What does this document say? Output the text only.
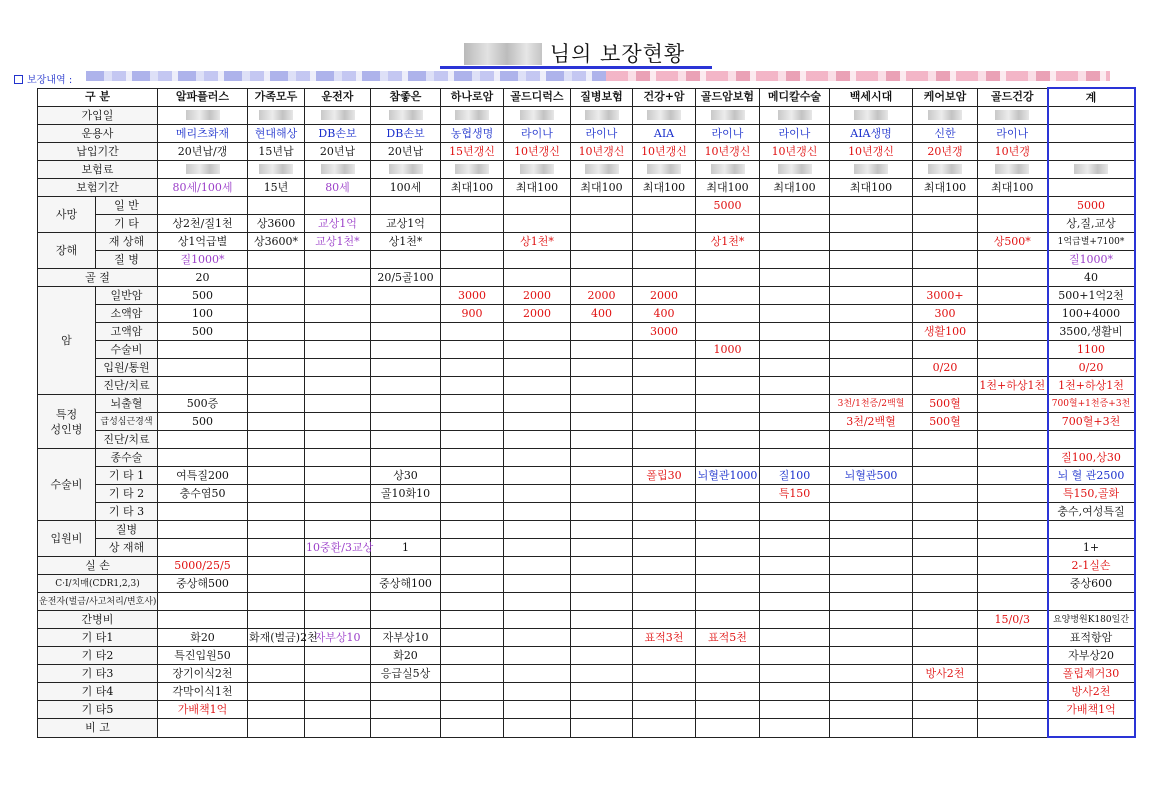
님의 보장현황
보장내역 :
구 분		알파플러스	가족모두	운전자	참좋은	하나로암	골드디럭스	질병보험	건강+암	골드암보험	메디칼수술	백세시대	케어보암	골드건강	계
가입일															
운용사		메리츠화재	현대해상	DB손보	DB손보	농협생명	라이나	라이나	AIA	라이나	라이나	AIA생명	신한	라이나	
납입기간		20년납/갱	15년납	20년납	20년납	15년갱신	10년갱신	10년갱신	10년갱신	10년갱신	10년갱신	10년갱신	20년갱	10년갱	
보험료															
보험기간		80세/100세	15년	80세	100세	최대100	최대100	최대100	최대100	최대100	최대100	최대100	최대100	최대100	
사망	일 반									5000					5000
	기 타	상2천/질1천	상3600	교상1억	교상1억										상,질,교상
장해	재 상해	상1억급별	상3600*	교상1천*	상1천*		상1천*			상1천*				상500*	1억급별+7100*
	질 병	질1000*													질1000*
골 절		20			20/5골100										40
암	일반암	500				3000	2000	2000	2000				3000+		500+1억2천
	소액암	100				900	2000	400	400				300		100+4000
	고액암	500							3000				생활100		3500,생활비
	수술비									1000					1100
	입원/통원												0/20		0/20
	진단/치료													1천+하상1천	1천+하상1천
특정
성인병	뇌출혈	500증										3천/1천증/2백혈	500혈		700혈+1천증+3천
	급성심근경색	500										3천/2백혈	500혈		700혈+3천
	진단/치료														
수술비	종수술														질100,상30
	기 타 1	여특질200			상30				폴립30	뇌혈관1000	질100	뇌혈관500			뇌 혈 관2500
	기 타 2	충수염50			골10화10						특150				특150,골화
	기 타 3														충수,여성특질
입원비	질병														
	상 재해			10중환/3교상	1										1+
실 손		5000/25/5													2-1실손
C·I/치매(CDR1,2,3)		중상해500			중상해100										중상600
운전자(벌금/사고처리/변호사)															
간병비														15/0/3	요양병원K180일간
기 타1		화20	화재(벌금)2천	자부상10	자부상10				표적3천	표적5천					표적항암
기 타2		특진입원50			화20										자부상20
기 타3		장기이식2천			응급실5상								방사2천		폴립제거30
기 타4		각막이식1천													방사2천
기 타5		가배책1억													가배책1억
비 고															
